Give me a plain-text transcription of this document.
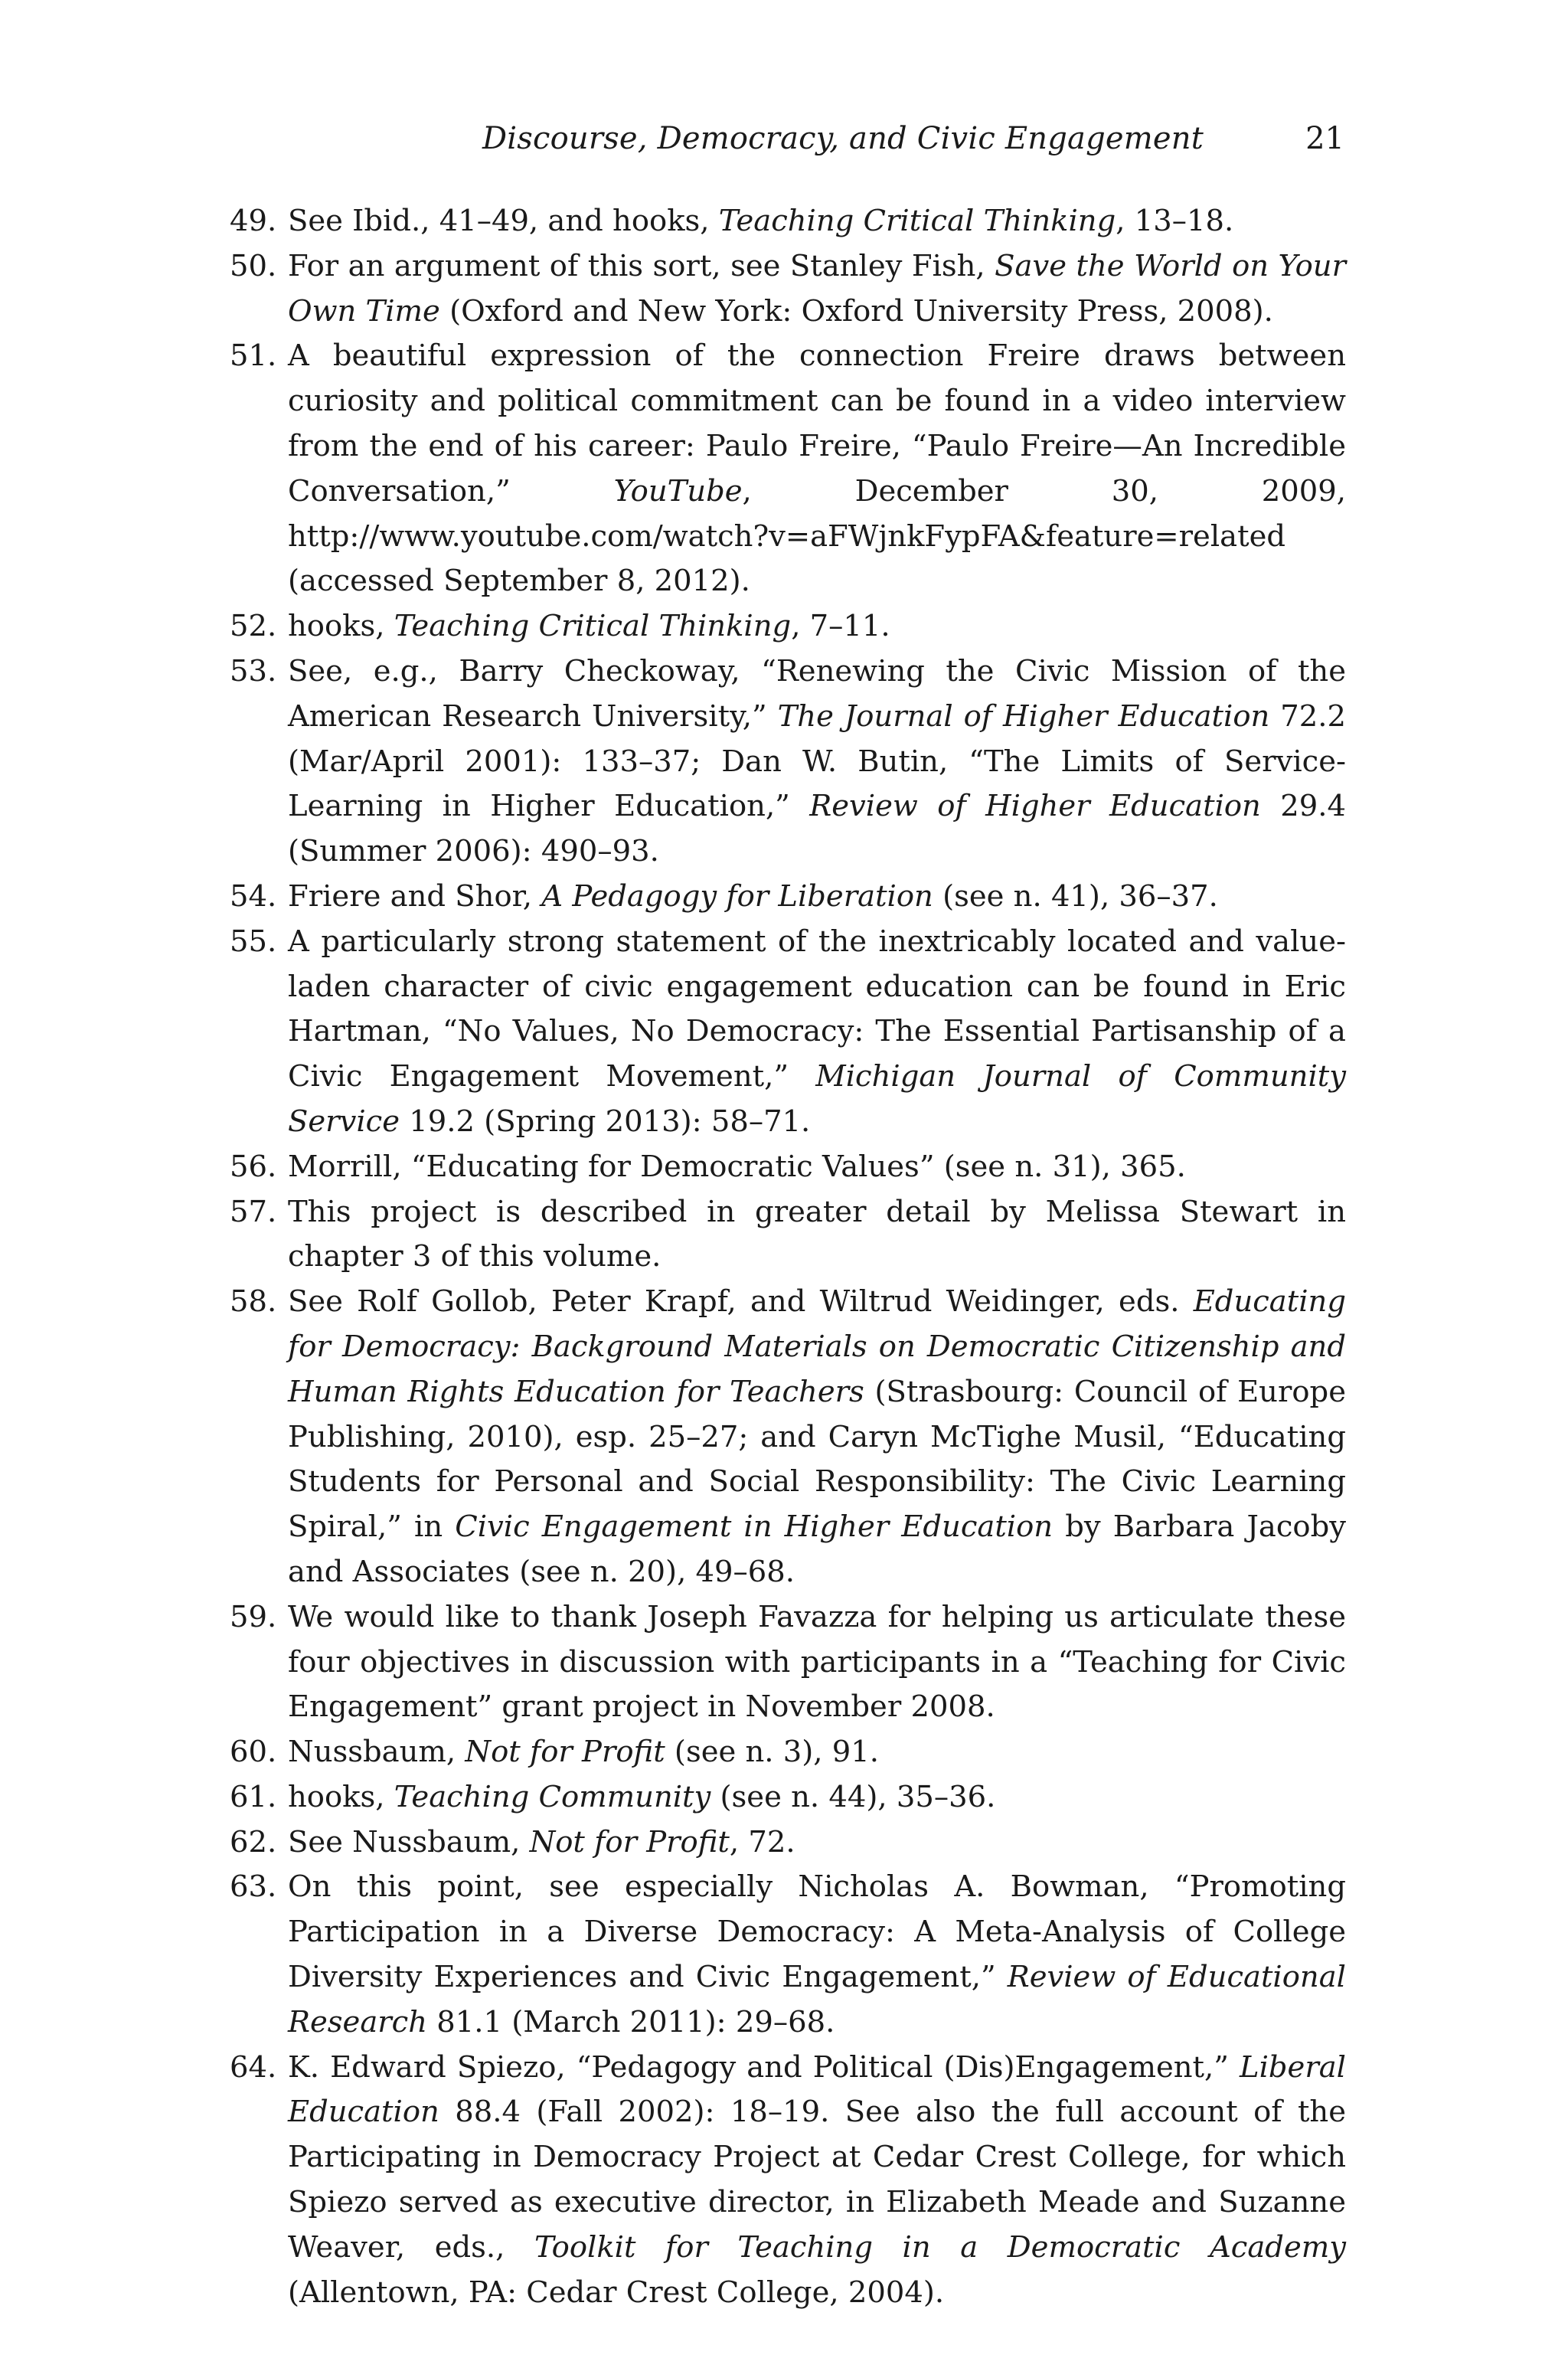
Discourse, Democracy, and Civic Engagement	21
49. See Ibid., 41–49, and hooks, Teaching Critical Thinking, 13–18.
50. For an argument of this sort, see Stanley Fish, Save the World on Your Own Time (Oxford and New York: Oxford University Press, 2008).
51. A beautiful expression of the connection Freire draws between curiosity and political commitment can be found in a video interview from the end of his career: Paulo Freire, “Paulo Freire—An Incredible Conversation,” YouTube, December 30, 2009, http://www.youtube.com/watch?v=aFWjnkFypFA&feature=related (accessed September 8, 2012).
52. hooks, Teaching Critical Thinking, 7–11.
53. See, e.g., Barry Checkoway, “Renewing the Civic Mission of the American Research University,” The Journal of Higher Education 72.2 (Mar/April 2001): 133–37; Dan W. Butin, “The Limits of Service-Learning in Higher Education,” Review of Higher Education 29.4 (Summer 2006): 490–93.
54. Friere and Shor, A Pedagogy for Liberation (see n. 41), 36–37.
55. A particularly strong statement of the inextricably located and value-laden character of civic engagement education can be found in Eric Hartman, “No Values, No Democracy: The Essential Partisanship of a Civic Engagement Movement,” Michigan Journal of Community Service 19.2 (Spring 2013): 58–71.
56. Morrill, “Educating for Democratic Values” (see n. 31), 365.
57. This project is described in greater detail by Melissa Stewart in chapter 3 of this volume.
58. See Rolf Gollob, Peter Krapf, and Wiltrud Weidinger, eds. Educating for Democracy: Background Materials on Democratic Citizenship and Human Rights Education for Teachers (Strasbourg: Council of Europe Publishing, 2010), esp. 25–27; and Caryn McTighe Musil, “Educating Students for Personal and Social Responsibility: The Civic Learning Spiral,” in Civic Engagement in Higher Education by Barbara Jacoby and Associates (see n. 20), 49–68.
59. We would like to thank Joseph Favazza for helping us articulate these four objectives in discussion with participants in a “Teaching for Civic Engagement” grant project in November 2008.
60. Nussbaum, Not for Profit (see n. 3), 91.
61. hooks, Teaching Community (see n. 44), 35–36.
62. See Nussbaum, Not for Profit, 72.
63. On this point, see especially Nicholas A. Bowman, “Promoting Participation in a Diverse Democracy: A Meta-Analysis of College Diversity Experiences and Civic Engagement,” Review of Educational Research 81.1 (March 2011): 29–68.
64. K. Edward Spiezo, “Pedagogy and Political (Dis)Engagement,” Liberal Education 88.4 (Fall 2002): 18–19. See also the full account of the Participating in Democracy Project at Cedar Crest College, for which Spiezo served as executive director, in Elizabeth Meade and Suzanne Weaver, eds., Toolkit for Teaching in a Democratic Academy (Allentown, PA: Cedar Crest College, 2004).
